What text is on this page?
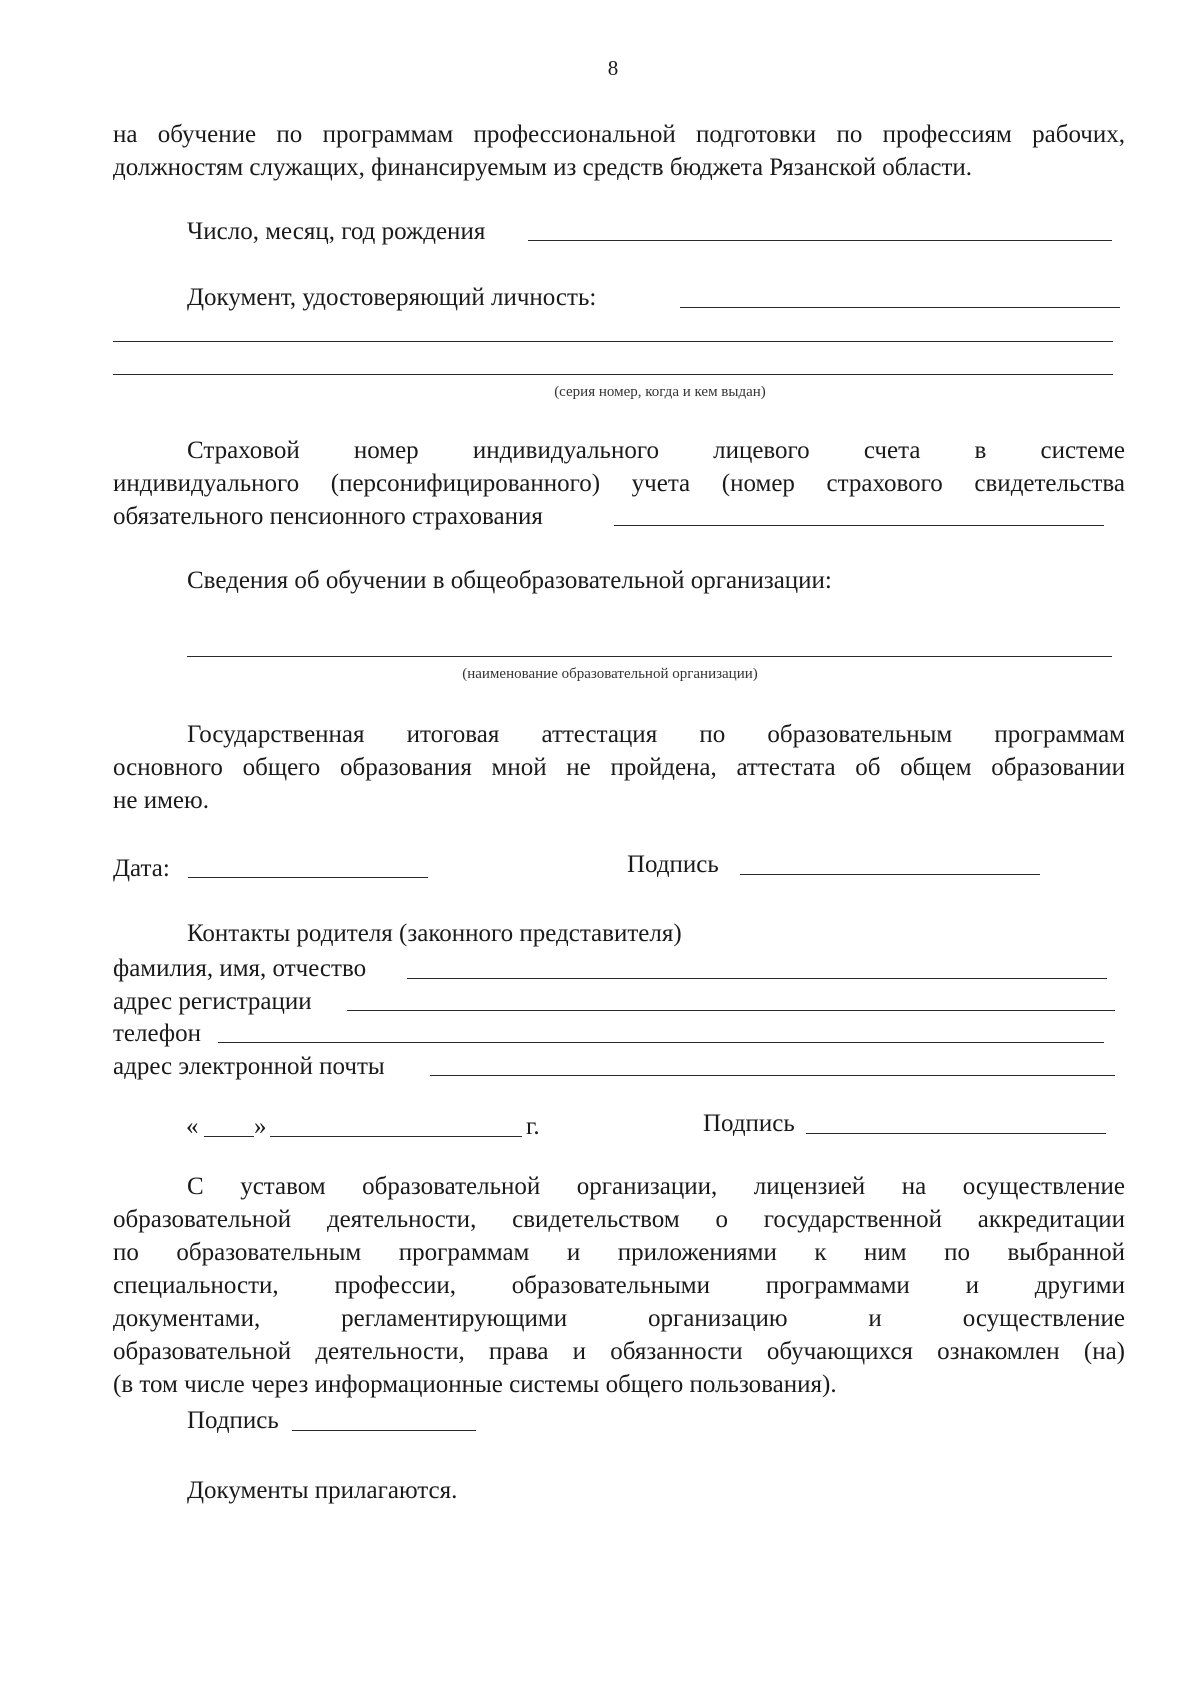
8
на обучение по программам профессиональной подготовки по профессиям рабочих,
должностям служащих, финансируемым из средств бюджета Рязанской области.
Число, месяц, год рождения
Документ, удостоверяющий личность:
(серия номер, когда и кем выдан)
Страховой номер индивидуального лицевого счета в системе
индивидуального (персонифицированного) учета (номер страхового свидетельства
обязательного пенсионного страхования
Сведения об обучении в общеобразовательной организации:
(наименование образовательной организации)
Государственная итоговая аттестация по образовательным программам
основного общего образования мной не пройдена, аттестата об общем образовании
не имею.
Дата:	Подпись
Контакты родителя (законного представителя)
фамилия, имя, отчество
адрес регистрации
телефон
адрес электронной почты
« »	г.	Подпись
С уставом образовательной организации, лицензией на осуществление
образовательной деятельности, свидетельством о государственной аккредитации
по образовательным программам и приложениями к ним по выбранной
специальности, профессии, образовательными программами и другими
документами, регламентирующими организацию и осуществление
образовательной деятельности, права и обязанности обучающихся ознакомлен (на)
(в том числе через информационные системы общего пользования).
Подпись
Документы прилагаются.
